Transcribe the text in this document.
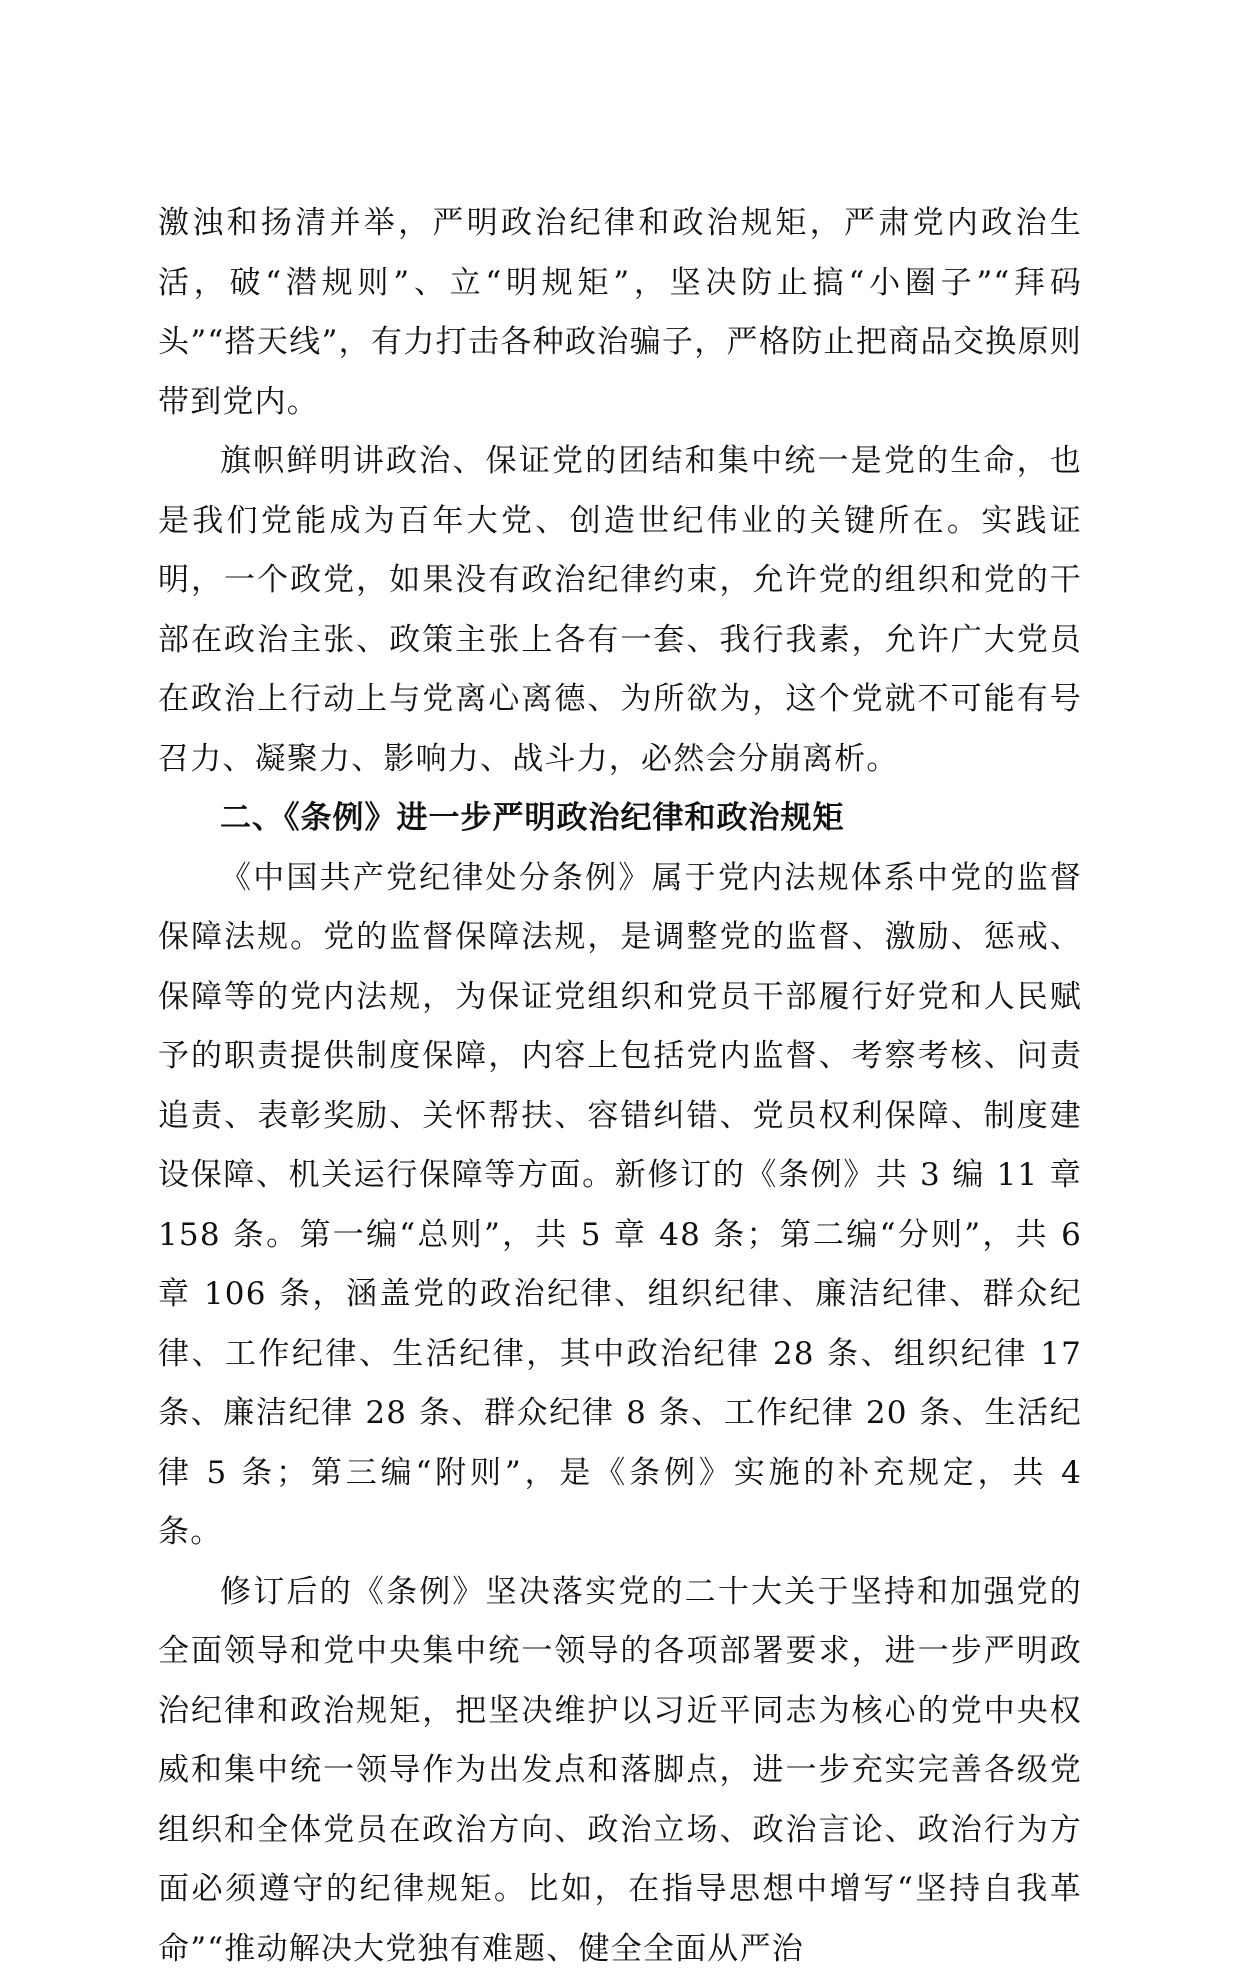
激浊和扬清并举，严明政治纪律和政治规矩，严肃党内政治生活，破“潜规则”、立“明规矩”，坚决防止搞“小圈子”“拜码头”“搭天线”，有力打击各种政治骗子，严格防止把商品交换原则带到党内。

旗帜鲜明讲政治、保证党的团结和集中统一是党的生命，也是我们党能成为百年大党、创造世纪伟业的关键所在。实践证明，一个政党，如果没有政治纪律约束，允许党的组织和党的干部在政治主张、政策主张上各有一套、我行我素，允许广大党员在政治上行动上与党离心离德、为所欲为，这个党就不可能有号召力、凝聚力、影响力、战斗力，必然会分崩离析。

二、《条例》进一步严明政治纪律和政治规矩

《中国共产党纪律处分条例》属于党内法规体系中党的监督保障法规。党的监督保障法规，是调整党的监督、激励、惩戒、保障等的党内法规，为保证党组织和党员干部履行好党和人民赋予的职责提供制度保障，内容上包括党内监督、考察考核、问责追责、表彰奖励、关怀帮扶、容错纠错、党员权利保障、制度建设保障、机关运行保障等方面。新修订的《条例》共 3 编 11 章 158 条。第一编“总则”，共 5 章 48 条；第二编“分则”，共 6 章 106 条，涵盖党的政治纪律、组织纪律、廉洁纪律、群众纪律、工作纪律、生活纪律，其中政治纪律 28 条、组织纪律 17 条、廉洁纪律 28 条、群众纪律 8 条、工作纪律 20 条、生活纪律 5 条；第三编“附则”，是《条例》实施的补充规定，共 4 条。

修订后的《条例》坚决落实党的二十大关于坚持和加强党的全面领导和党中央集中统一领导的各项部署要求，进一步严明政治纪律和政治规矩，把坚决维护以习近平同志为核心的党中央权威和集中统一领导作为出发点和落脚点，进一步充实完善各级党组织和全体党员在政治方向、政治立场、政治言论、政治行为方面必须遵守的纪律规矩。比如，在指导思想中增写“坚持自我革命”“推动解决大党独有难题、健全全面从严治
